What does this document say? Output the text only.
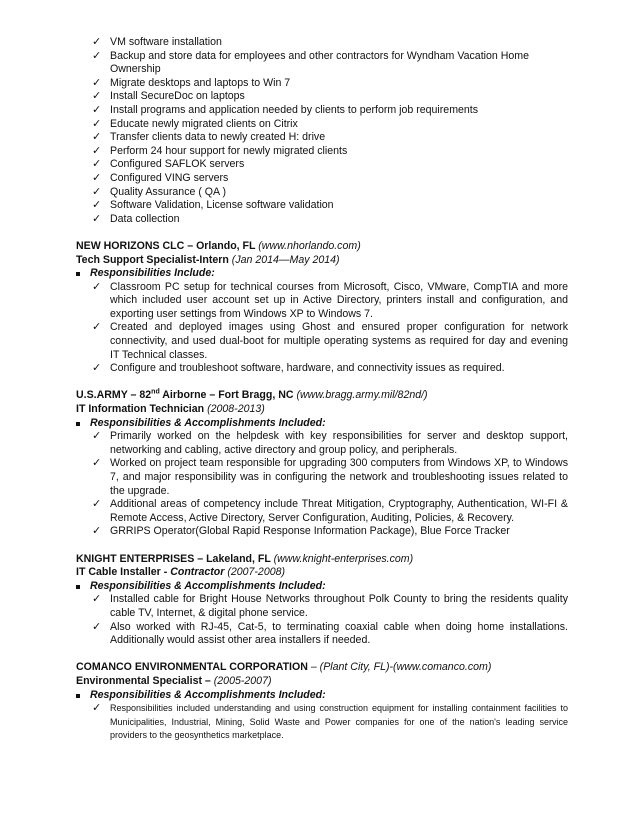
✓ VM software installation
✓ Backup and store data for employees and other contractors for Wyndham Vacation Home Ownership
✓ Migrate desktops and laptops to Win 7
✓ Install SecureDoc on laptops
✓ Install programs and application needed by clients to perform job requirements
✓ Educate newly migrated clients on Citrix
✓ Transfer clients data to newly created H: drive
✓ Perform 24 hour support for newly migrated clients
✓ Configured SAFLOK servers
✓ Configured VING servers
✓ Quality Assurance ( QA )
✓ Software Validation, License software validation
✓ Data collection
NEW HORIZONS CLC – Orlando, FL (www.nhorlando.com)
Tech Support Specialist-Intern (Jan 2014—May 2014)
Responsibilities Include:
✓ Classroom PC setup for technical courses from Microsoft, Cisco, VMware, CompTIA and more which included user account set up in Active Directory, printers install and configuration, and exporting user settings from Windows XP to Windows 7.
✓ Created and deployed images using Ghost and ensured proper configuration for network connectivity, and used dual-boot for multiple operating systems as required for day and evening IT Technical classes.
✓ Configure and troubleshoot software, hardware, and connectivity issues as required.
U.S.ARMY – 82nd Airborne – Fort Bragg, NC (www.bragg.army.mil/82nd/)
IT Information Technician (2008-2013)
Responsibilities & Accomplishments Included:
✓ Primarily worked on the helpdesk with key responsibilities for server and desktop support, networking and cabling, active directory and group policy, and peripherals.
✓ Worked on project team responsible for upgrading 300 computers from Windows XP, to Windows 7, and major responsibility was in configuring the network and troubleshooting issues related to the upgrade.
✓ Additional areas of competency include Threat Mitigation, Cryptography, Authentication, WI-FI & Remote Access, Active Directory, Server Configuration, Auditing, Policies, & Recovery.
✓ GRRIPS Operator(Global Rapid Response Information Package), Blue Force Tracker
KNIGHT ENTERPRISES – Lakeland, FL (www.knight-enterprises.com)
IT Cable Installer - Contractor (2007-2008)
Responsibilities & Accomplishments Included:
✓ Installed cable for Bright House Networks throughout Polk County to bring the residents quality cable TV, Internet, & digital phone service.
✓ Also worked with RJ-45, Cat-5, to terminating coaxial cable when doing home installations. Additionally would assist other area installers if needed.
COMANCO ENVIRONMENTAL CORPORATION – (Plant City, FL)-(www.comanco.com)
Environmental Specialist – (2005-2007)
Responsibilities & Accomplishments Included:
✓ Responsibilities included understanding and using construction equipment for installing containment facilities to Municipalities, Industrial, Mining, Solid Waste and Power companies for one of the nation's leading service providers to the geosynthetics marketplace.
